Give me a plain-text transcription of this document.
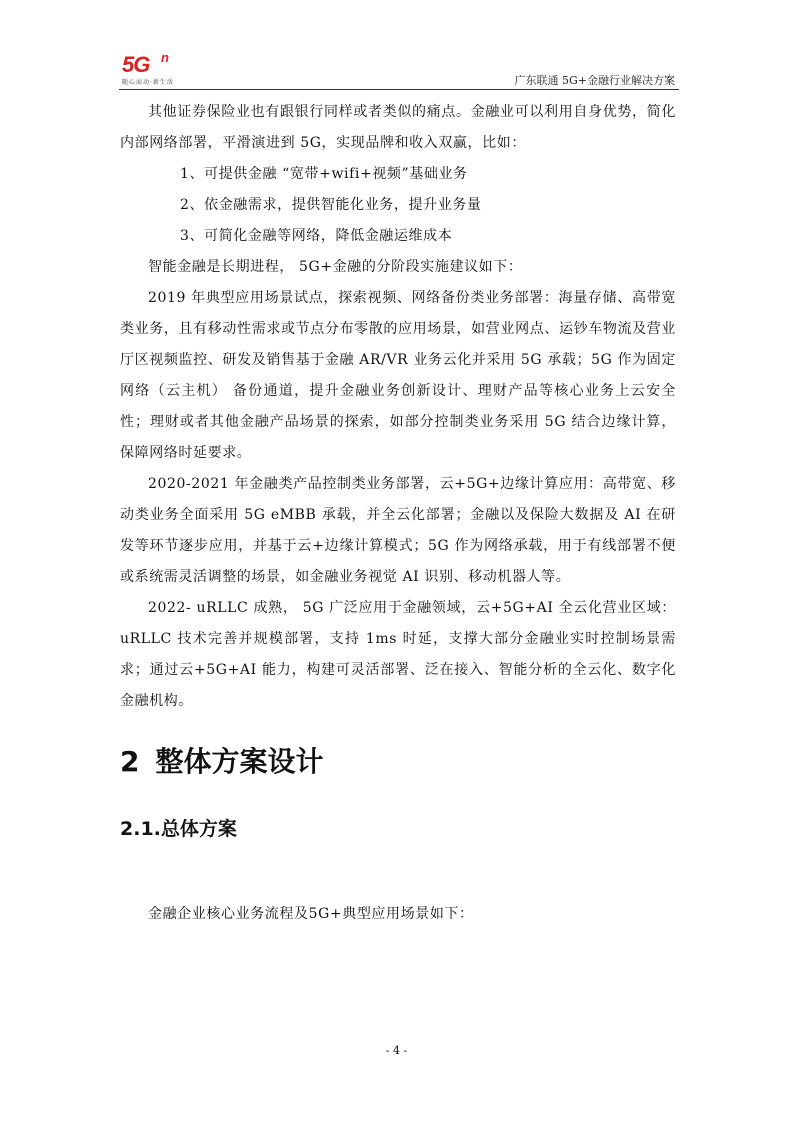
5G n
随心而动·新生活	广东联通 5G+金融行业解决方案

其他证券保险业也有跟银行同样或者类似的痛点。金融业可以利用自身优势，简化内部网络部署，平滑演进到 5G，实现品牌和收入双赢，比如：

1、可提供金融 “宽带+wifi+视频”基础业务

2、依金融需求，提供智能化业务，提升业务量

3、可简化金融等网络，降低金融运维成本

智能金融是长期进程， 5G+金融的分阶段实施建议如下：

2019 年典型应用场景试点，探索视频、网络备份类业务部署：海量存储、高带宽类业务，且有移动性需求或节点分布零散的应用场景，如营业网点、运钞车物流及营业厅区视频监控、研发及销售基于金融 AR/VR 业务云化并采用 5G 承载；5G 作为固定网络（云主机） 备份通道，提升金融业务创新设计、理财产品等核心业务上云安全性；理财或者其他金融产品场景的探索，如部分控制类业务采用 5G 结合边缘计算，保障网络时延要求。

2020-2021 年金融类产品控制类业务部署，云+5G+边缘计算应用：高带宽、移动类业务全面采用 5G eMBB 承载，并全云化部署；金融以及保险大数据及 AI 在研发等环节逐步应用，并基于云+边缘计算模式；5G 作为网络承载，用于有线部署不便或系统需灵活调整的场景，如金融业务视觉 AI 识别、移动机器人等。

2022- uRLLC 成熟， 5G 广泛应用于金融领域，云+5G+AI 全云化营业区域：uRLLC 技术完善并规模部署，支持 1ms 时延，支撑大部分金融业实时控制场景需求；通过云+5G+AI 能力，构建可灵活部署、泛在接入、智能分析的全云化、数字化金融机构。

2 整体方案设计
2.1.总体方案

金融企业核心业务流程及5G+典型应用场景如下：

- 4 -
